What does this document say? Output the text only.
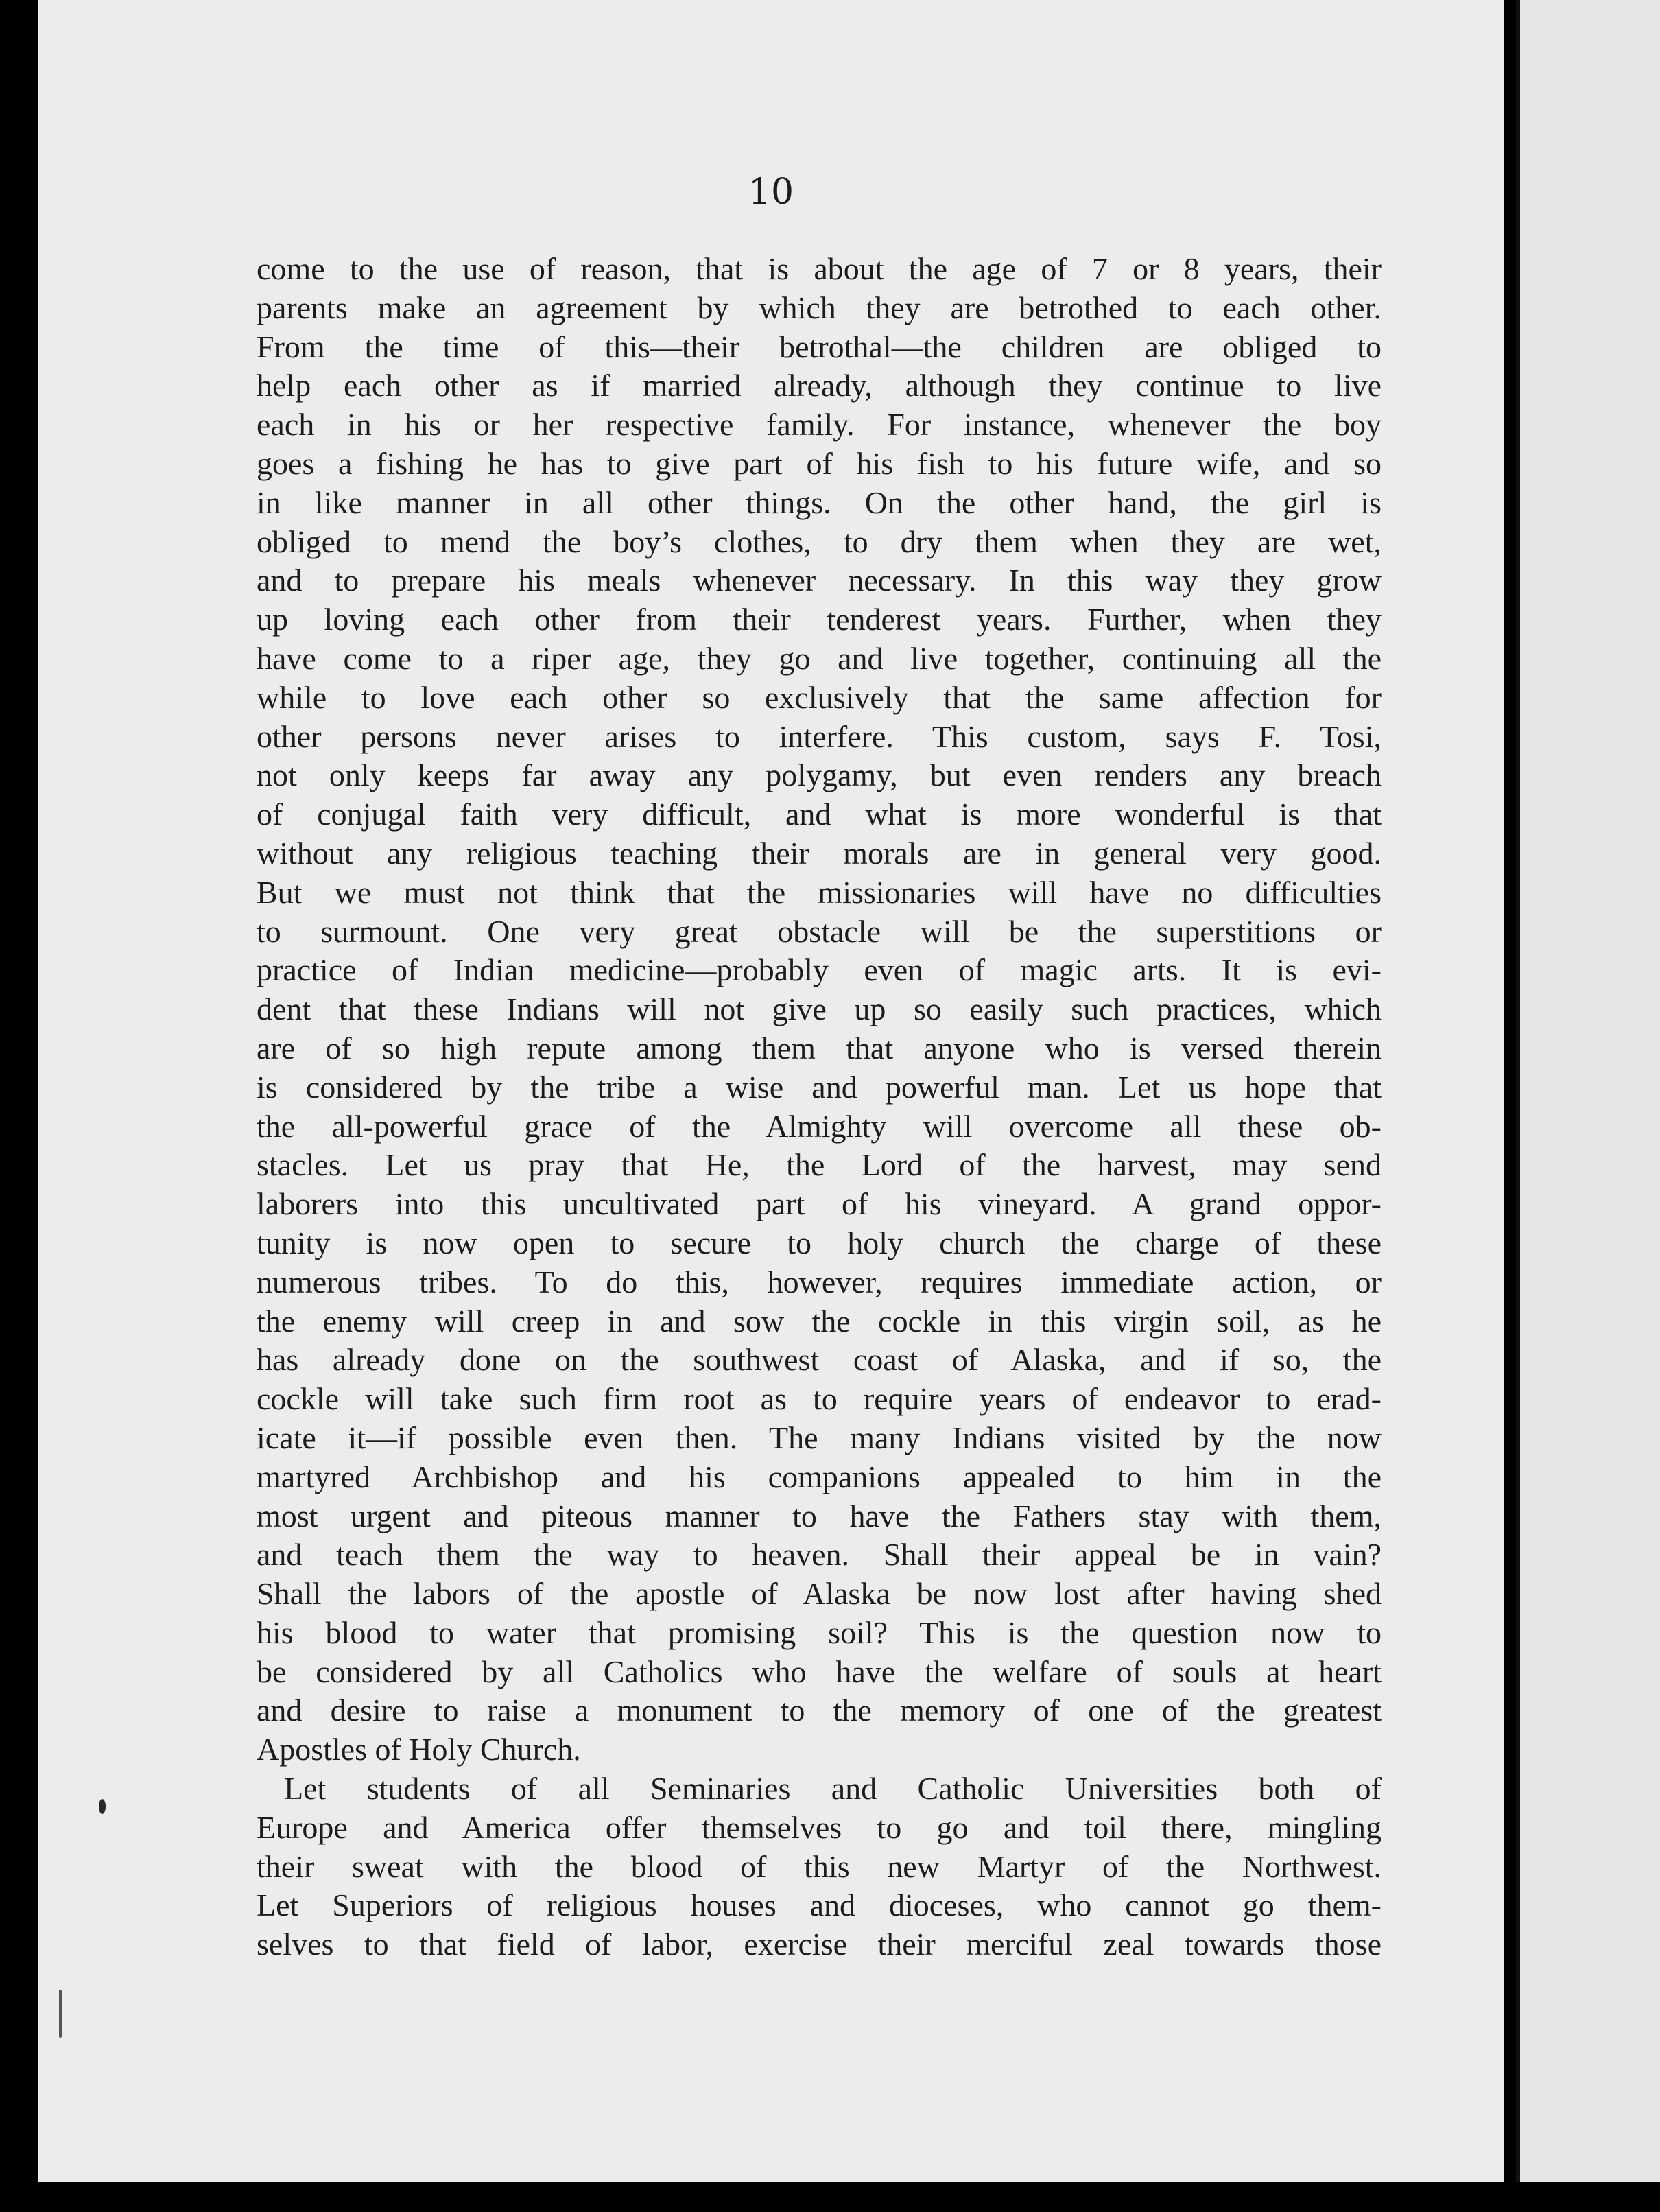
10
come to the use of reason, that is about the age of 7 or 8 years, their
parents make an agreement by which they are betrothed to each other.
From the time of this—their betrothal—the children are obliged to
help each other as if married already, although they continue to live
each in his or her respective family. For instance, whenever the boy
goes a fishing he has to give part of his fish to his future wife, and so
in like manner in all other things. On the other hand, the girl is
obliged to mend the boy’s clothes, to dry them when they are wet,
and to prepare his meals whenever necessary. In this way they grow
up loving each other from their tenderest years. Further, when they
have come to a riper age, they go and live together, continuing all the
while to love each other so exclusively that the same affection for
other persons never arises to interfere. This custom, says F. Tosi,
not only keeps far away any polygamy, but even renders any breach
of conjugal faith very difficult, and what is more wonderful is that
without any religious teaching their morals are in general very good.
But we must not think that the missionaries will have no difficulties
to surmount. One very great obstacle will be the superstitions or
practice of Indian medicine—probably even of magic arts. It is evi-
dent that these Indians will not give up so easily such practices, which
are of so high repute among them that anyone who is versed therein
is considered by the tribe a wise and powerful man. Let us hope that
the all-powerful grace of the Almighty will overcome all these ob-
stacles. Let us pray that He, the Lord of the harvest, may send
laborers into this uncultivated part of his vineyard. A grand oppor-
tunity is now open to secure to holy church the charge of these
numerous tribes. To do this, however, requires immediate action, or
the enemy will creep in and sow the cockle in this virgin soil, as he
has already done on the southwest coast of Alaska, and if so, the
cockle will take such firm root as to require years of endeavor to erad-
icate it—if possible even then. The many Indians visited by the now
martyred Archbishop and his companions appealed to him in the
most urgent and piteous manner to have the Fathers stay with them,
and teach them the way to heaven. Shall their appeal be in vain?
Shall the labors of the apostle of Alaska be now lost after having shed
his blood to water that promising soil? This is the question now to
be considered by all Catholics who have the welfare of souls at heart
and desire to raise a monument to the memory of one of the greatest
Apostles of Holy Church.
Let students of all Seminaries and Catholic Universities both of
Europe and America offer themselves to go and toil there, mingling
their sweat with the blood of this new Martyr of the Northwest.
Let Superiors of religious houses and dioceses, who cannot go them-
selves to that field of labor, exercise their merciful zeal towards those
